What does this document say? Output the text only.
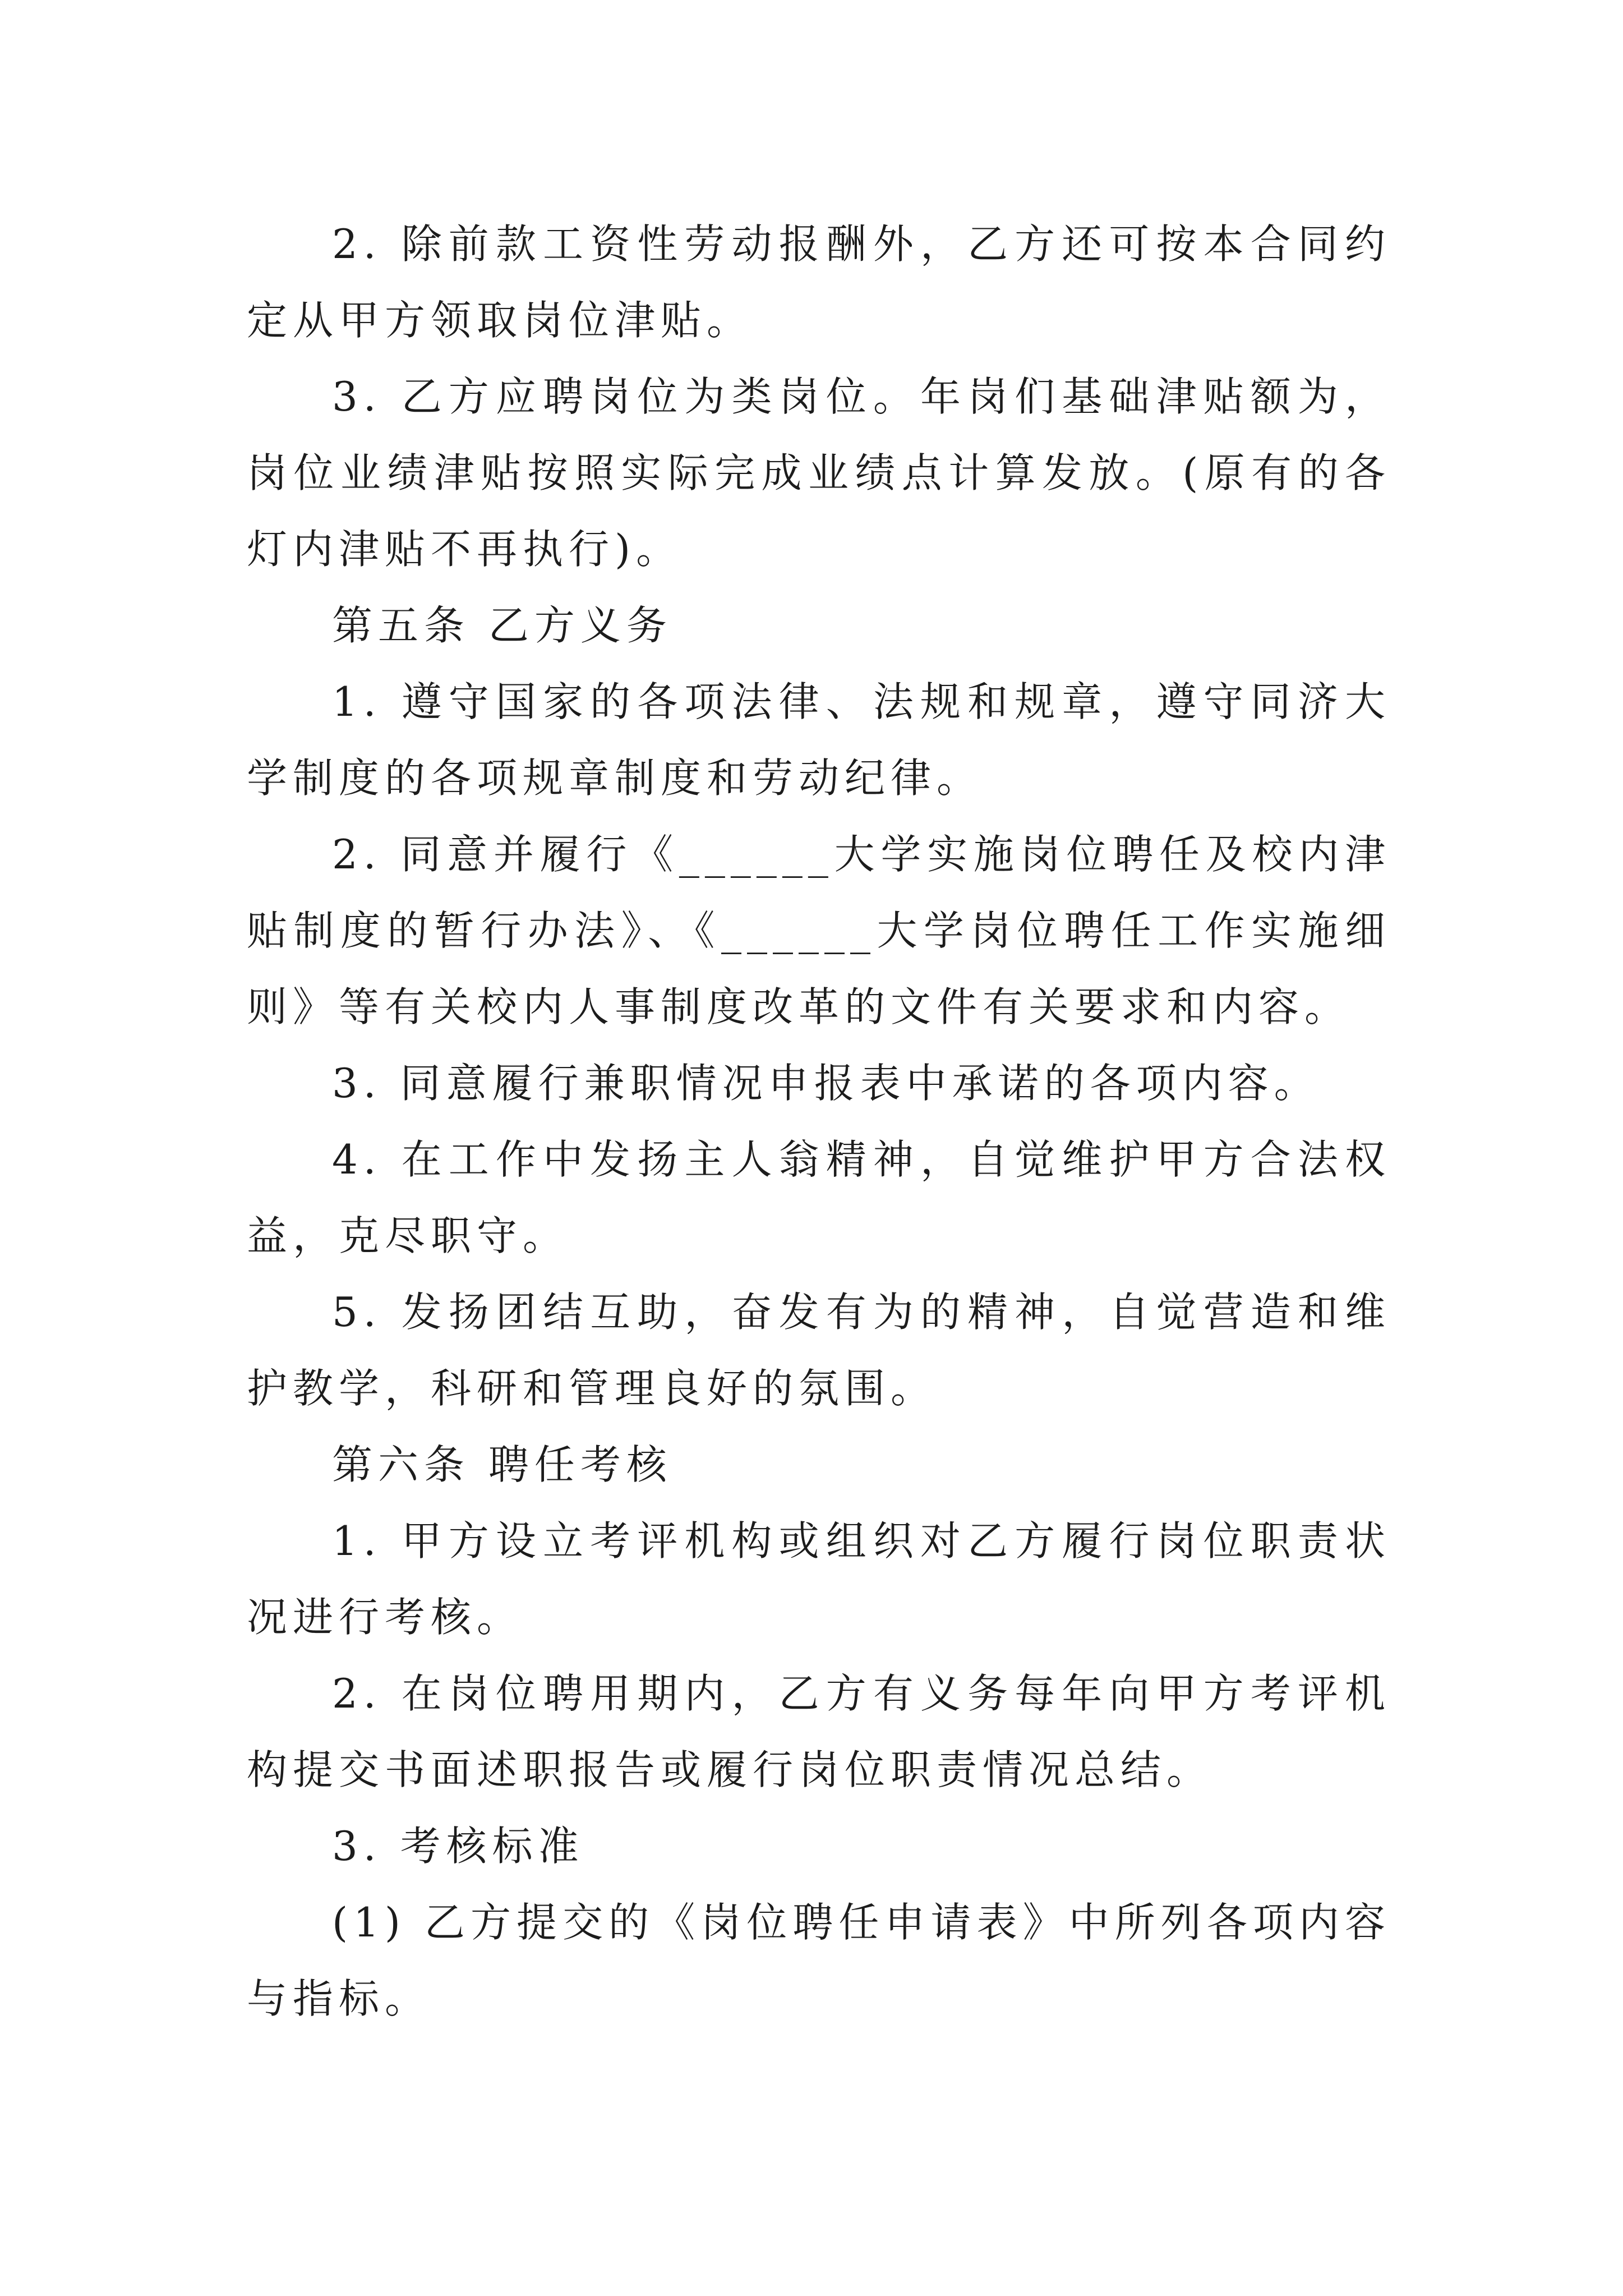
2. 除前款工资性劳动报酬外，乙方还可按本合同约定从甲方领取岗位津贴。

3. 乙方应聘岗位为类岗位。年岗们基础津贴额为，岗位业绩津贴按照实际完成业绩点计算发放。(原有的各灯内津贴不再执行)。

第五条 乙方义务

1. 遵守国家的各项法律、法规和规章，遵守同济大学制度的各项规章制度和劳动纪律。

2. 同意并履行《______大学实施岗位聘任及校内津贴制度的暂行办法》、《______大学岗位聘任工作实施细则》等有关校内人事制度改革的文件有关要求和内容。

3. 同意履行兼职情况申报表中承诺的各项内容。

4. 在工作中发扬主人翁精神，自觉维护甲方合法权益，克尽职守。

5. 发扬团结互助，奋发有为的精神，自觉营造和维护教学，科研和管理良好的氛围。

第六条 聘任考核

1. 甲方设立考评机构或组织对乙方履行岗位职责状况进行考核。

2. 在岗位聘用期内，乙方有义务每年向甲方考评机构提交书面述职报告或履行岗位职责情况总结。

3. 考核标准

(1) 乙方提交的《岗位聘任申请表》中所列各项内容与指标。
